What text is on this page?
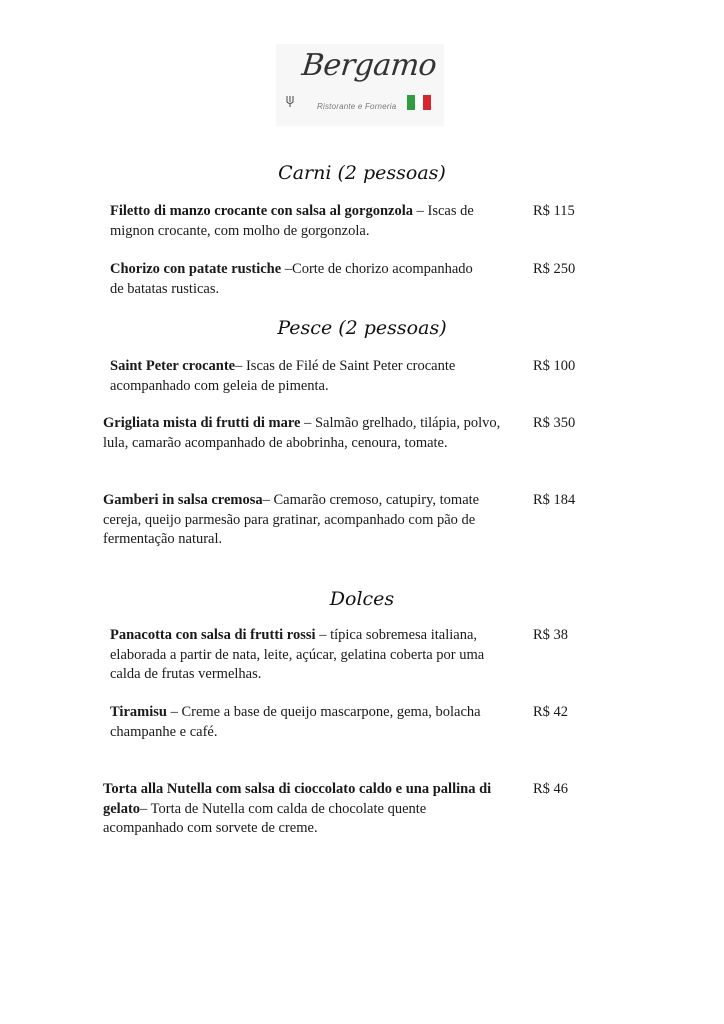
Bergamo
Ristorante e Forneria
Carni (2 pessoas)
Filetto di manzo crocante con salsa al gorgonzola – Iscas de mignon crocante, com molho de gorgonzola.
R$ 115
Chorizo con patate rustiche –Corte de chorizo acompanhado de batatas rusticas.
R$ 250
Pesce (2 pessoas)
Saint Peter crocante– Iscas de Filé de Saint Peter crocante acompanhado com geleia de pimenta.
R$ 100
Grigliata mista di frutti di mare – Salmão grelhado, tilápia, polvo, lula, camarão acompanhado de abobrinha, cenoura, tomate.
R$ 350
Gamberi in salsa cremosa– Camarão cremoso, catupiry, tomate cereja, queijo parmesão para gratinar, acompanhado com pão de fermentação natural.
R$ 184
Dolces
Panacotta con salsa di frutti rossi – típica sobremesa italiana, elaborada a partir de nata, leite, açúcar, gelatina coberta por uma calda de frutas vermelhas.
R$ 38
Tiramisu – Creme a base de queijo mascarpone, gema, bolacha champanhe e café.
R$ 42
Torta alla Nutella com salsa di cioccolato caldo e una pallina di gelato– Torta de Nutella com calda de chocolate quente acompanhado com sorvete de creme.
R$ 46
